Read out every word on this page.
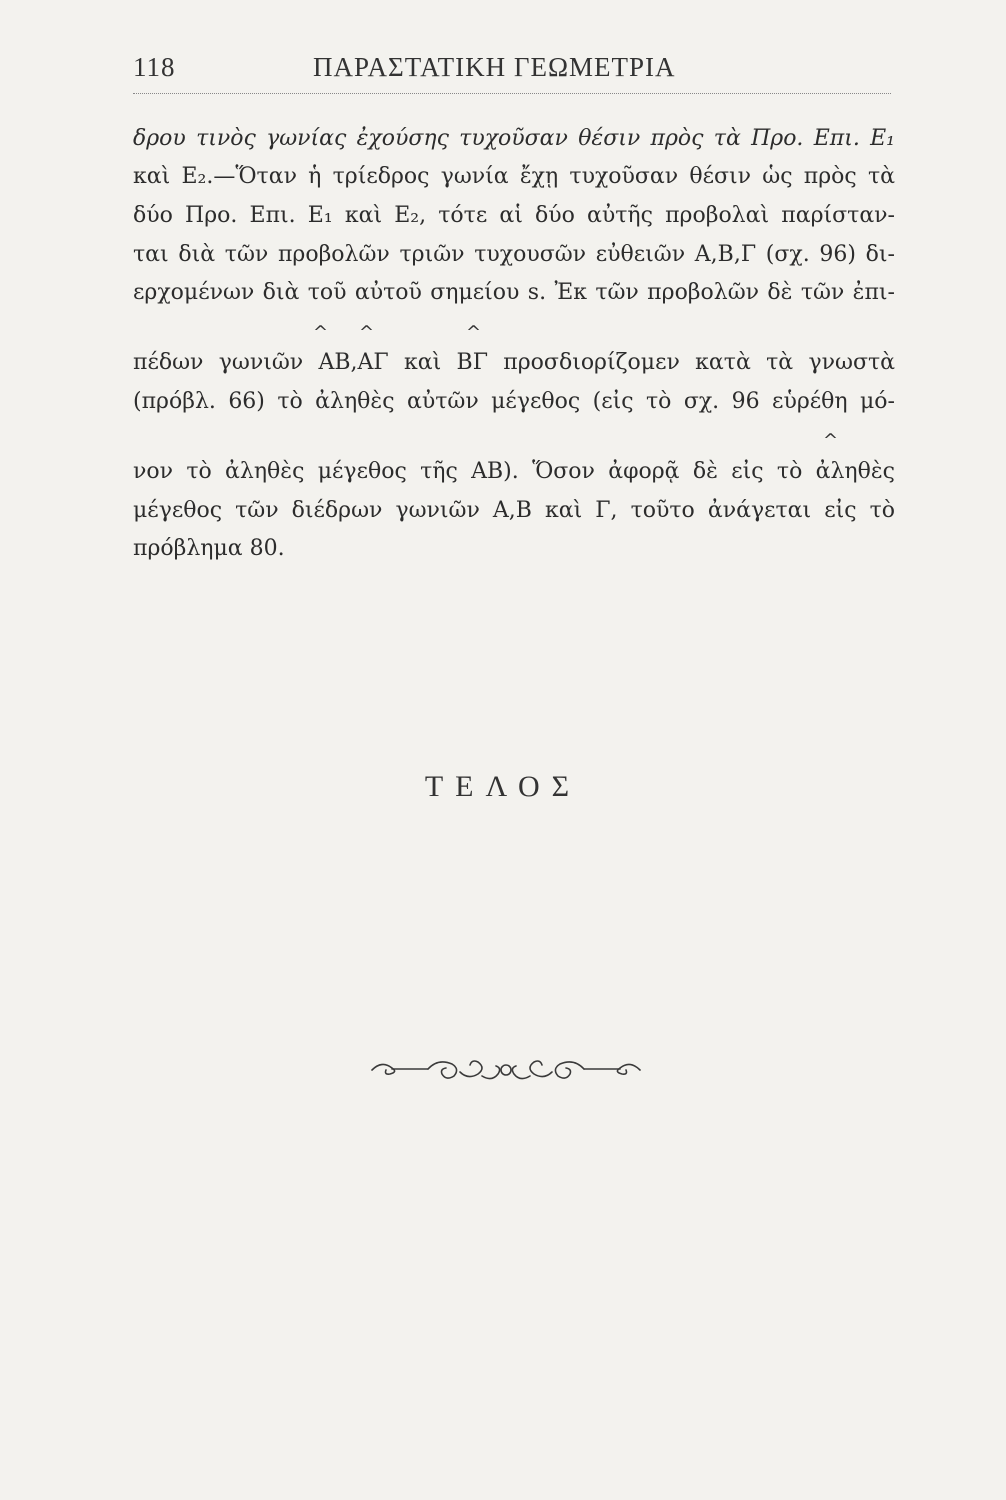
118	ΠΑΡΑΣΤΑΤΙΚΗ ΓΕΩΜΕΤΡΙΑ
δρου τινὸς γωνίας ἐχούσης τυχοῦσαν θέσιν πρὸς τὰ Προ. Επι. Ε₁
καὶ Ε₂.—Ὅταν ἡ τρίεδρος γωνία ἔχῃ τυχοῦσαν θέσιν ὡς πρὸς τὰ
δύο Προ. Επι. Ε₁ καὶ Ε₂, τότε αἱ δύο αὐτῆς προβολαὶ παρίσταν-
ται διὰ τῶν προβολῶν τριῶν τυχουσῶν εὐθειῶν Α,Β,Γ (σχ. 96) δι-
ερχομένων διὰ τοῦ αὐτοῦ σημείου s. Ἐκ τῶν προβολῶν δὲ τῶν ἐπι-
^ ^	^
πέδων γωνιῶν ΑΒ,ΑΓ καὶ ΒΓ προσδιορίζομεν κατὰ τὰ γνωστὰ
(πρόβλ. 66) τὸ ἀληθὲς αὐτῶν μέγεθος (εἰς τὸ σχ. 96 εὑρέθη μό-
^
νον τὸ ἀληθὲς μέγεθος τῆς ΑΒ). Ὅσον ἀφορᾷ δὲ εἰς τὸ ἀληθὲς
μέγεθος τῶν διέδρων γωνιῶν Α,Β καὶ Γ, τοῦτο ἀνάγεται εἰς τὸ
πρόβλημα 80.
ΤΕΛΟΣ
